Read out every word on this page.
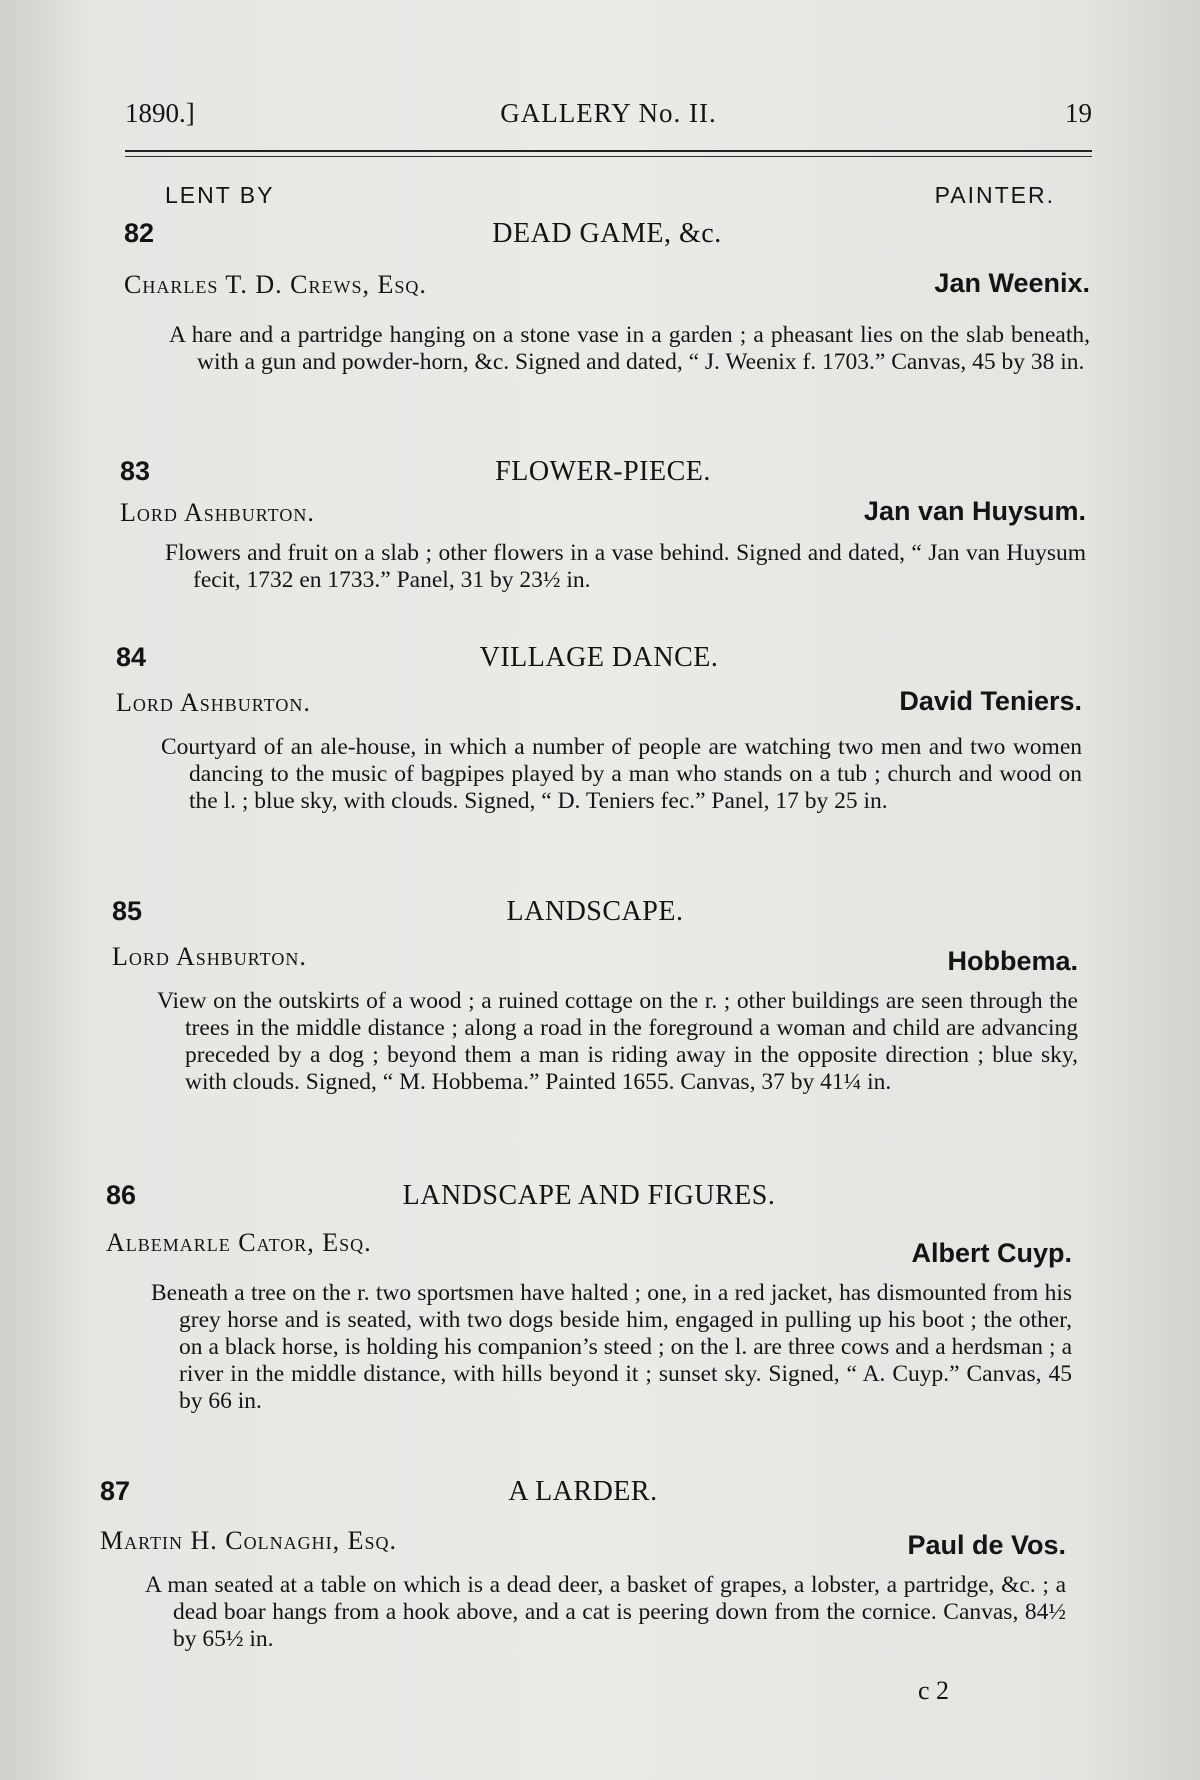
1890.]	GALLERY No. II.	19
LENT BY	PAINTER.
82	DEAD GAME, &c.
Charles T. D. Crews, Esq.	Jan Weenix.
A hare and a partridge hanging on a stone vase in a garden ; a pheasant lies on the slab beneath, with a gun and powder-horn, &c. Signed and dated, “ J. Weenix f. 1703.” Canvas, 45 by 38 in.
83	FLOWER-PIECE.
Lord Ashburton.	Jan van Huysum.
Flowers and fruit on a slab ; other flowers in a vase behind. Signed and dated, “ Jan van Huysum fecit, 1732 en 1733.” Panel, 31 by 23½ in.
84	VILLAGE DANCE.
Lord Ashburton.	David Teniers.
Courtyard of an ale-house, in which a number of people are watching two men and two women dancing to the music of bagpipes played by a man who stands on a tub ; church and wood on the l. ; blue sky, with clouds. Signed, “ D. Teniers fec.” Panel, 17 by 25 in.
85	LANDSCAPE.
Lord Ashburton.	Hobbema.
View on the outskirts of a wood ; a ruined cottage on the r. ; other buildings are seen through the trees in the middle distance ; along a road in the foreground a woman and child are advancing preceded by a dog ; beyond them a man is riding away in the opposite direction ; blue sky, with clouds. Signed, “ M. Hobbema.” Painted 1655. Canvas, 37 by 41¼ in.
86	LANDSCAPE AND FIGURES.
Albemarle Cator, Esq.	Albert Cuyp.
Beneath a tree on the r. two sportsmen have halted ; one, in a red jacket, has dismounted from his grey horse and is seated, with two dogs beside him, engaged in pulling up his boot ; the other, on a black horse, is holding his companion’s steed ; on the l. are three cows and a herdsman ; a river in the middle distance, with hills beyond it ; sunset sky. Signed, “ A. Cuyp.” Canvas, 45 by 66 in.
87	A LARDER.
Martin H. Colnaghi, Esq.	Paul de Vos.
A man seated at a table on which is a dead deer, a basket of grapes, a lobster, a partridge, &c. ; a dead boar hangs from a hook above, and a cat is peering down from the cornice. Canvas, 84½ by 65½ in.
c 2
